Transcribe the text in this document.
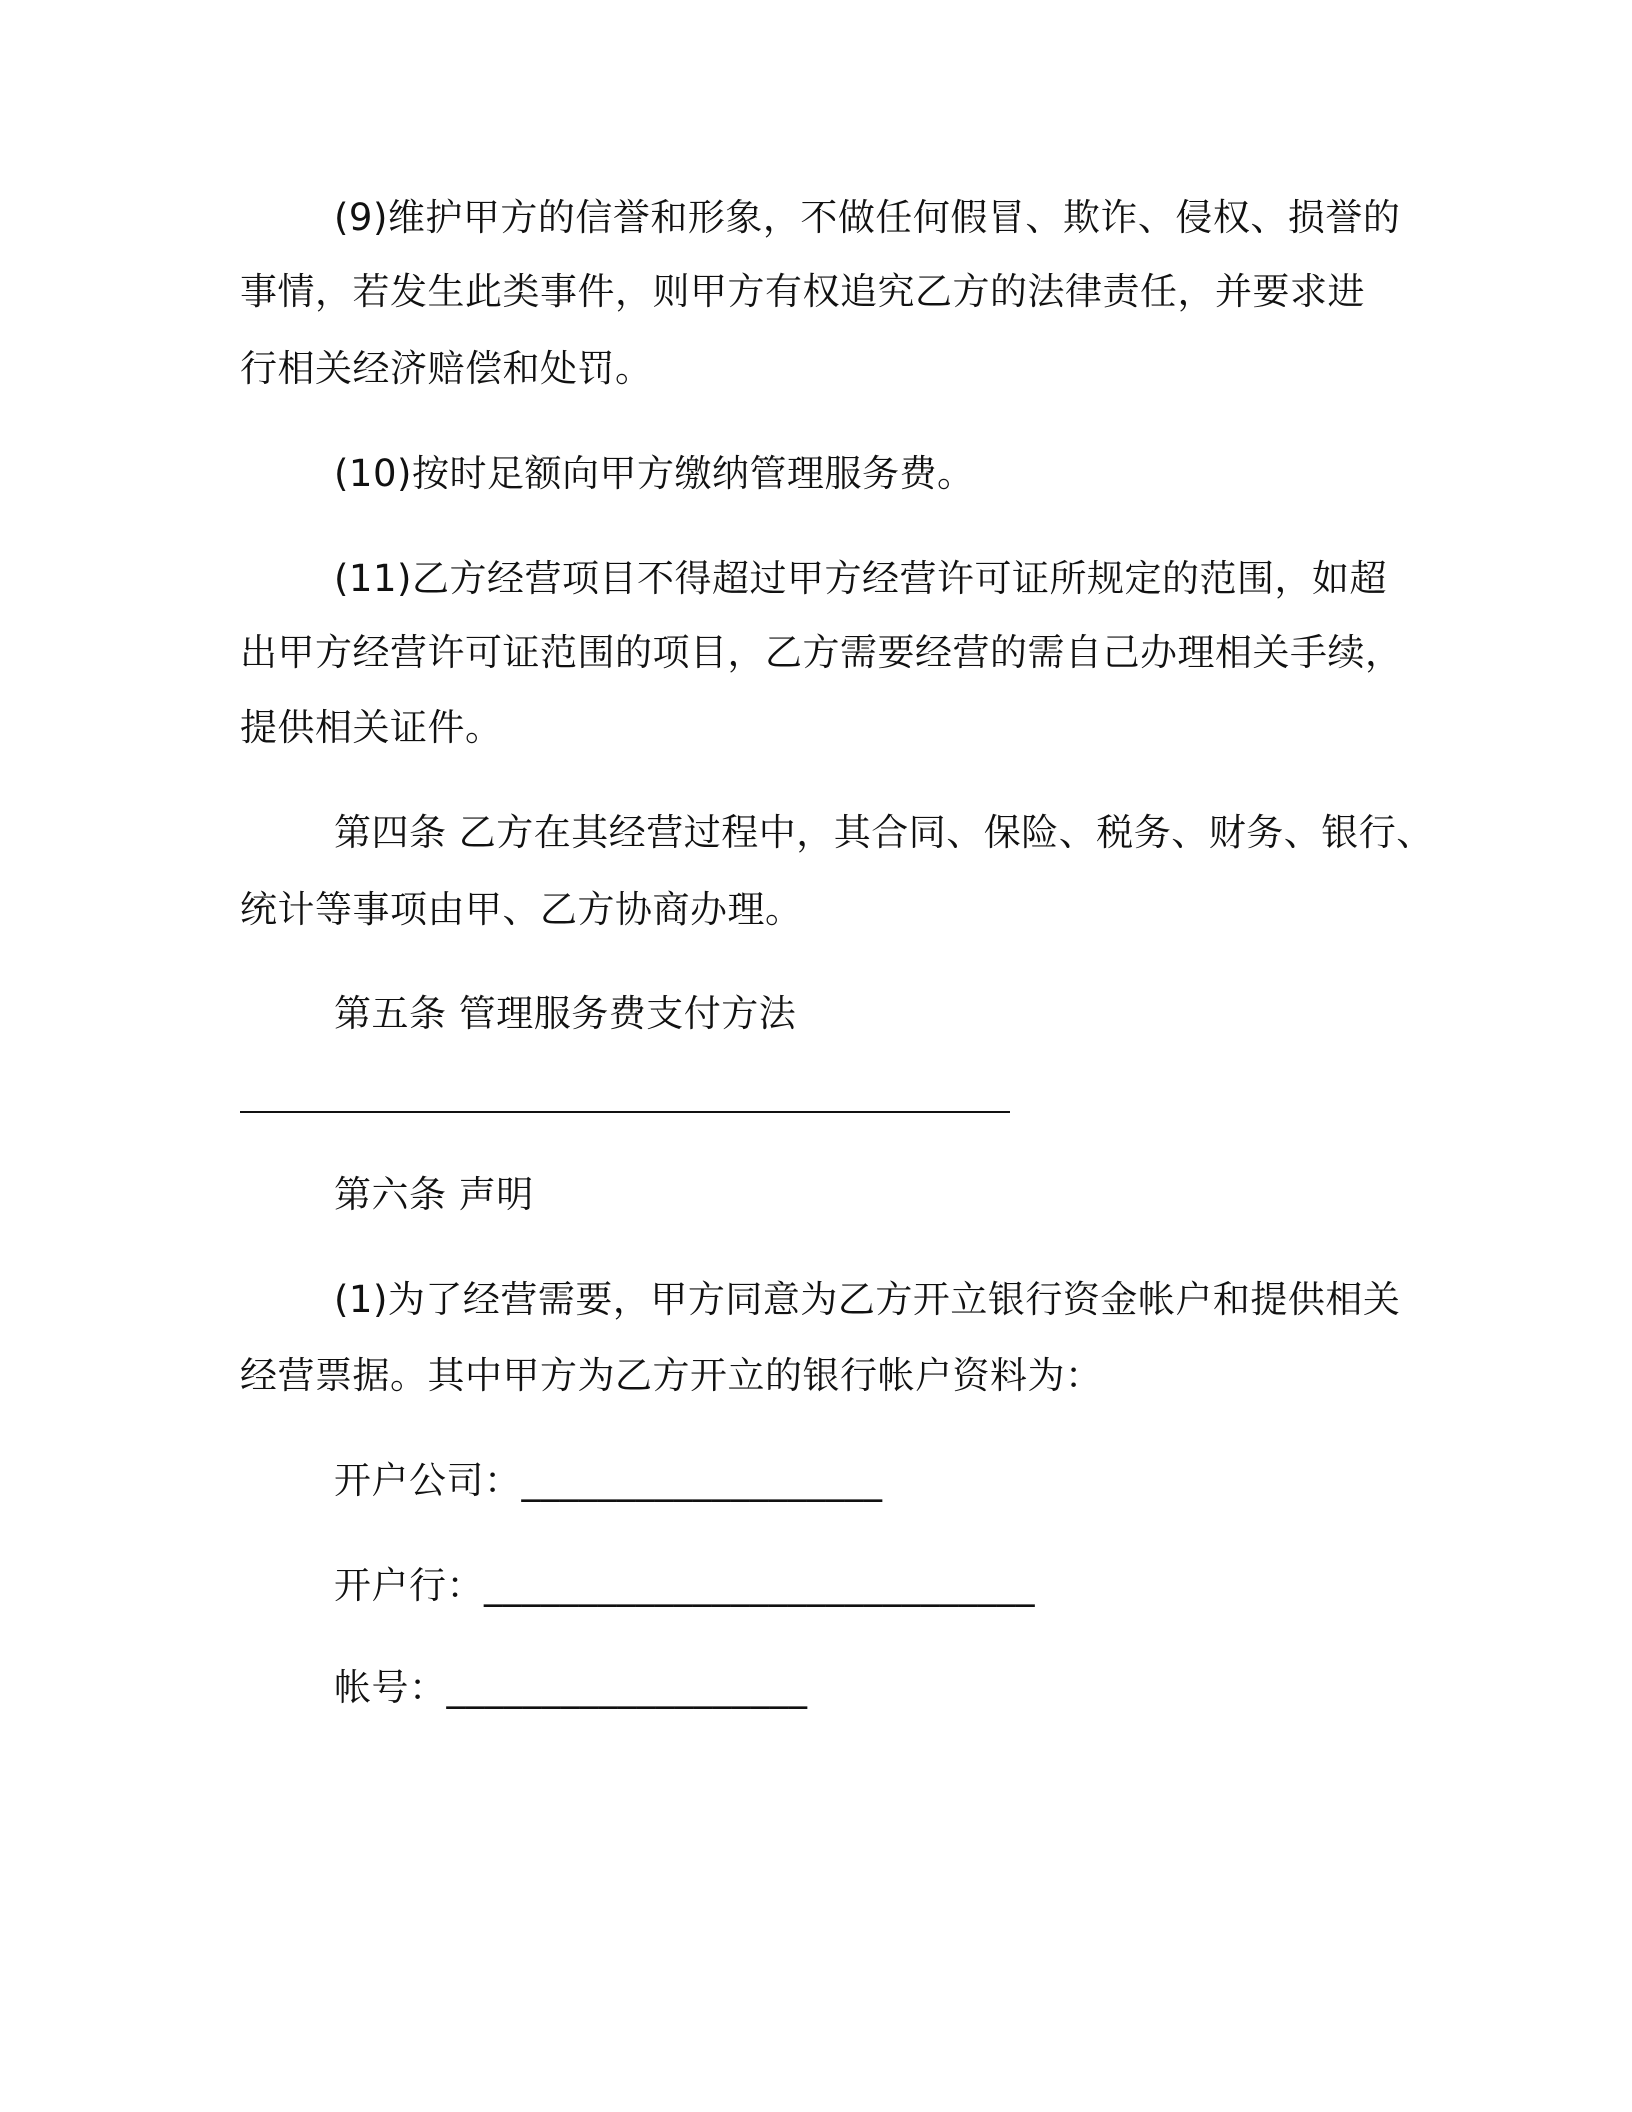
(9)维护甲方的信誉和形象，不做任何假冒、欺诈、侵权、损誉的
事情，若发生此类事件，则甲方有权追究乙方的法律责任，并要求进
行相关经济赔偿和处罚。
(10)按时足额向甲方缴纳管理服务费。
(11)乙方经营项目不得超过甲方经营许可证所规定的范围，如超
出甲方经营许可证范围的项目，乙方需要经营的需自己办理相关手续，
提供相关证件。
第四条 乙方在其经营过程中，其合同、保险、税务、财务、银行、
统计等事项由甲、乙方协商办理。
第五条 管理服务费支付方法
第六条 声明
(1)为了经营需要，甲方同意为乙方开立银行资金帐户和提供相关
经营票据。其中甲方为乙方开立的银行帐户资料为：
开户公司：___________________
开户行：_____________________________
帐号：___________________
